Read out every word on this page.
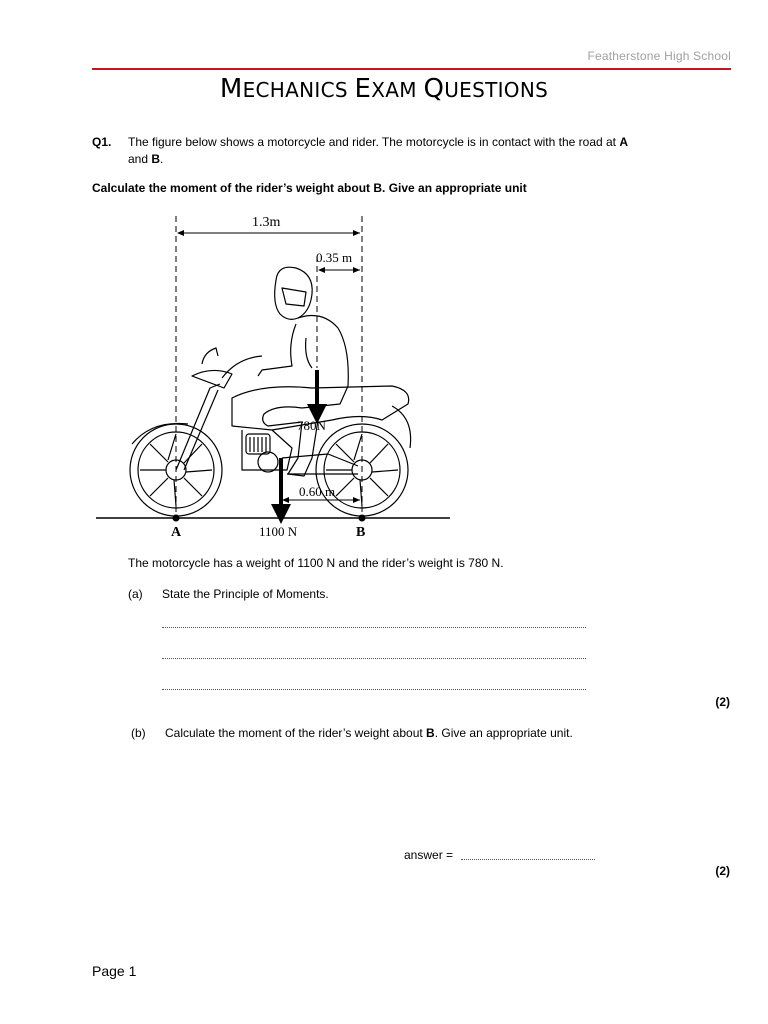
Featherstone High School
MECHANICS EXAM QUESTIONS
Q1. The figure below shows a motorcycle and rider. The motorcycle is in contact with the road at A
and B.
Calculate the moment of the rider’s weight about B. Give an appropriate unit
1.3m
0.35 m
0.60 m
780N
1100 N
A	B
The motorcycle has a weight of 1100 N and the rider’s weight is 780 N.
(a) State the Principle of Moments.
(2)
(b) Calculate the moment of the rider’s weight about B. Give an appropriate unit.
answer =
(2)
Page 1
